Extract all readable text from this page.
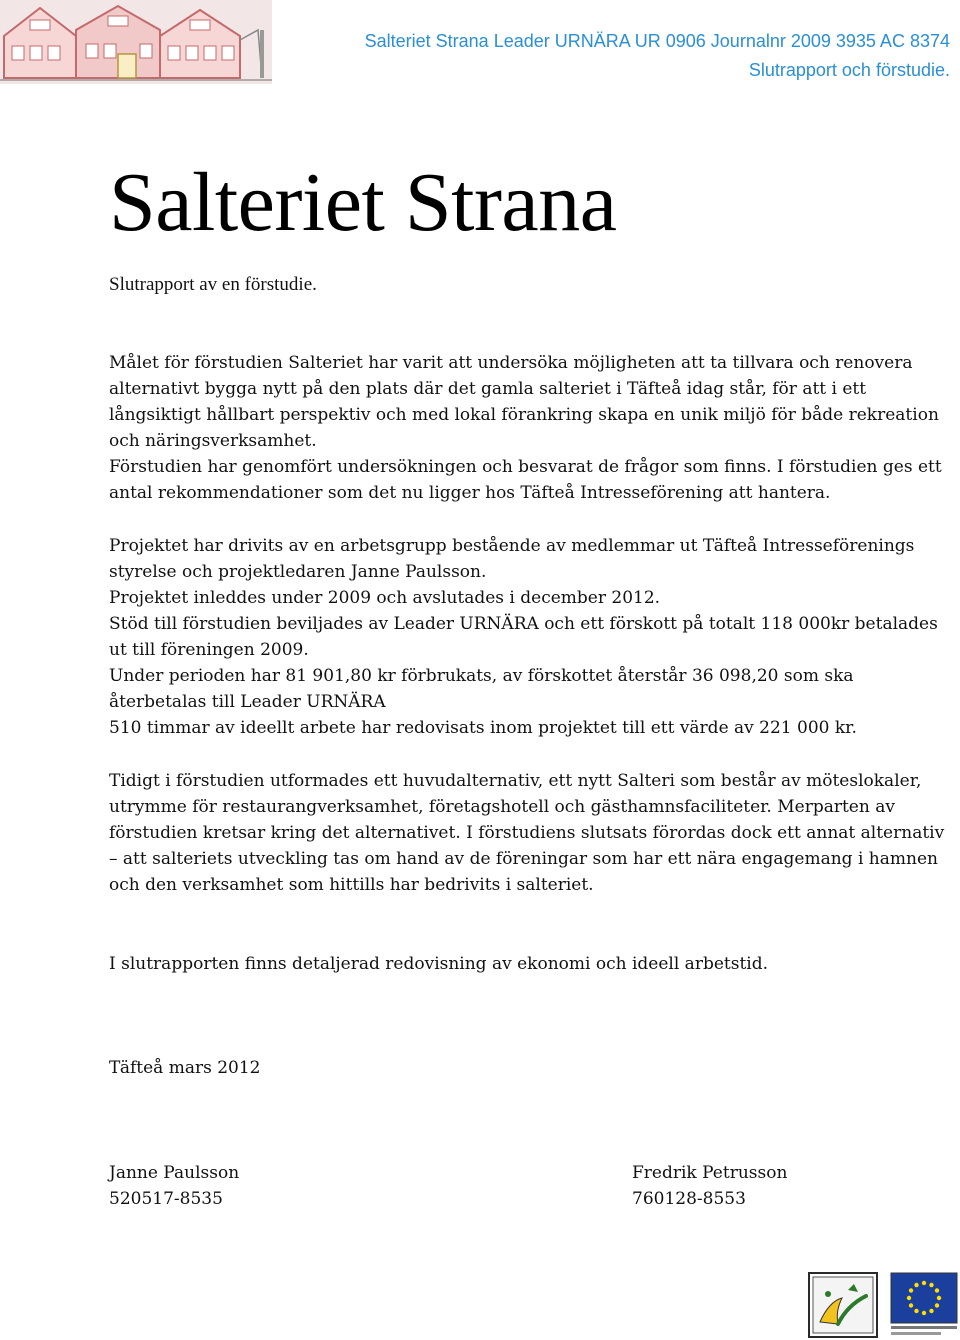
Salteriet Strana Leader URNÄRA UR 0906 Journalnr 2009 3935 AC 8374
Slutrapport och förstudie.
Salteriet Strana
Slutrapport av en förstudie.

Målet för förstudien Salteriet har varit att undersöka möjligheten att ta tillvara och renovera
alternativt bygga nytt på den plats där det gamla salteriet i Täfteå idag står, för att i ett
långsiktigt hållbart perspektiv och med lokal förankring skapa en unik miljö för både rekreation
och näringsverksamhet.
Förstudien har genomfört undersökningen och besvarat de frågor som finns. I förstudien ges ett
antal rekommendationer som det nu ligger hos Täfteå Intresseförening att hantera.

Projektet har drivits av en arbetsgrupp bestående av medlemmar ut Täfteå Intresseförenings
styrelse och projektledaren Janne Paulsson.
Projektet inleddes under 2009 och avslutades i december 2012.
Stöd till förstudien beviljades av Leader URNÄRA och ett förskott på totalt 118 000kr betalades
ut till föreningen 2009.
Under perioden har 81 901,80 kr förbrukats, av förskottet återstår 36 098,20 som ska
återbetalas till Leader URNÄRA
510 timmar av ideellt arbete har redovisats inom projektet till ett värde av 221 000 kr.

Tidigt i förstudien utformades ett huvudalternativ, ett nytt Salteri som består av möteslokaler,
utrymme för restaurangverksamhet, företagshotell och gästhamnsfaciliteter. Merparten av
förstudien kretsar kring det alternativet. I förstudiens slutsats förordas dock ett annat alternativ
– att salteriets utveckling tas om hand av de föreningar som har ett nära engagemang i hamnen
och den verksamhet som hittills har bedrivits i salteriet.

I slutrapporten finns detaljerad redovisning av ekonomi och ideell arbetstid.

Täfteå mars 2012

Janne Paulsson
520517-8535
Fredrik Petrusson
760128-8553
